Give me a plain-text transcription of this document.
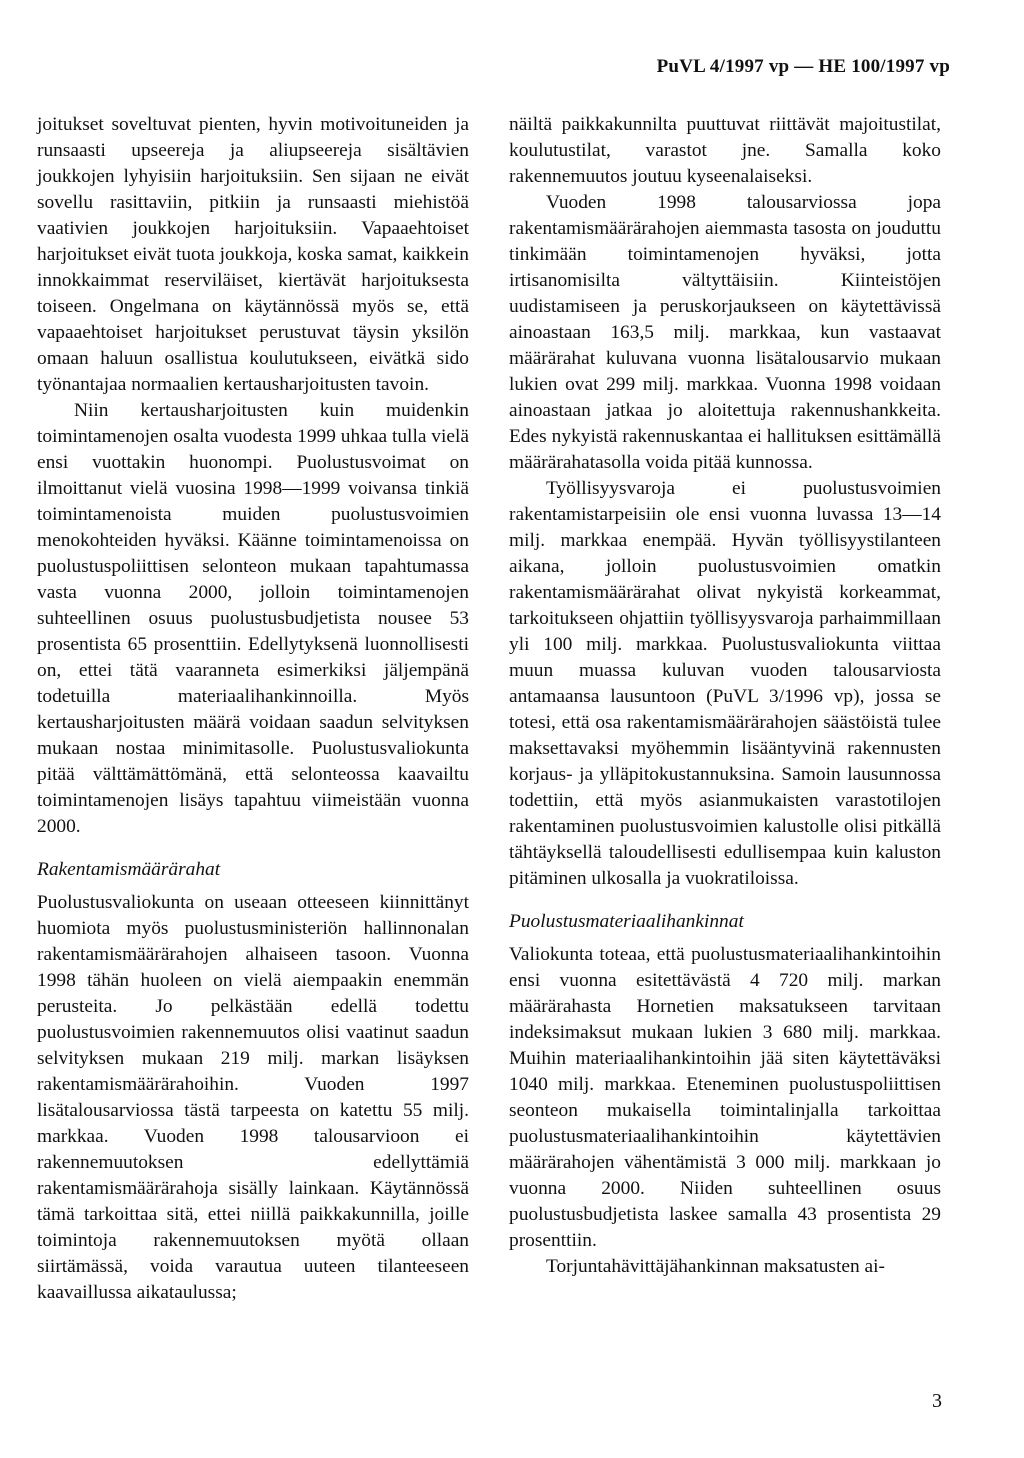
PuVL 4/1997 vp — HE 100/1997 vp

joitukset soveltuvat pienten, hyvin motivoituneiden ja runsaasti upseereja ja aliupseereja sisältävien joukkojen lyhyisiin harjoituksiin. Sen sijaan ne eivät sovellu rasittaviin, pitkiin ja runsaasti miehistöä vaativien joukkojen harjoituksiin. Vapaaehtoiset harjoitukset eivät tuota joukkoja, koska samat, kaikkein innokkaimmat reserviläiset, kiertävät harjoituksesta toiseen. Ongelmana on käytännössä myös se, että vapaaehtoiset harjoitukset perustuvat täysin yksilön omaan haluun osallistua koulutukseen, eivätkä sido työnantajaa normaalien kertausharjoitusten tavoin.

Niin kertausharjoitusten kuin muidenkin toimintamenojen osalta vuodesta 1999 uhkaa tulla vielä ensi vuottakin huonompi. Puolustusvoimat on ilmoittanut vielä vuosina 1998—1999 voivansa tinkiä toimintamenoista muiden puolustusvoimien menokohteiden hyväksi. Käänne toimintamenoissa on puolustuspoliittisen selonteon mukaan tapahtumassa vasta vuonna 2000, jolloin toimintamenojen suhteellinen osuus puolustusbudjetista nousee 53 prosentista 65 prosenttiin. Edellytyksenä luonnollisesti on, ettei tätä vaaranneta esimerkiksi jäljempänä todetuilla materiaalihankinnoilla. Myös kertausharjoitusten määrä voidaan saadun selvityksen mukaan nostaa minimitasolle. Puolustusvaliokunta pitää välttämättömänä, että selonteossa kaavailtu toimintamenojen lisäys tapahtuu viimeistään vuonna 2000.

Rakentamismäärärahat

Puolustusvaliokunta on useaan otteeseen kiinnittänyt huomiota myös puolustusministeriön hallinnonalan rakentamismäärärahojen alhaiseen tasoon. Vuonna 1998 tähän huoleen on vielä aiempaakin enemmän perusteita. Jo pelkästään edellä todettu puolustusvoimien rakennemuutos olisi vaatinut saadun selvityksen mukaan 219 milj. markan lisäyksen rakentamismäärärahoihin. Vuoden 1997 lisätalousarviossa tästä tarpeesta on katettu 55 milj. markkaa. Vuoden 1998 talousarvioon ei rakennemuutoksen edellyttämiä rakentamismäärärahoja sisälly lainkaan. Käytännössä tämä tarkoittaa sitä, ettei niillä paikkakunnilla, joille toimintoja rakennemuutoksen myötä ollaan siirtämässä, voida varautua uuteen tilanteeseen kaavaillussa aikataulussa;

näiltä paikkakunnilta puuttuvat riittävät majoitustilat, koulutustilat, varastot jne. Samalla koko rakennemuutos joutuu kyseenalaiseksi.

Vuoden 1998 talousarviossa jopa rakentamismäärärahojen aiemmasta tasosta on jouduttu tinkimään toimintamenojen hyväksi, jotta irtisanomisilta vältyttäisiin. Kiinteistöjen uudistamiseen ja peruskorjaukseen on käytettävissä ainoastaan 163,5 milj. markkaa, kun vastaavat määrärahat kuluvana vuonna lisätalousarvio mukaan lukien ovat 299 milj. markkaa. Vuonna 1998 voidaan ainoastaan jatkaa jo aloitettuja rakennushankkeita. Edes nykyistä rakennuskantaa ei hallituksen esittämällä määrärahatasolla voida pitää kunnossa.

Työllisyysvaroja ei puolustusvoimien rakentamistarpeisiin ole ensi vuonna luvassa 13—14 milj. markkaa enempää. Hyvän työllisyystilanteen aikana, jolloin puolustusvoimien omatkin rakentamismäärärahat olivat nykyistä korkeammat, tarkoitukseen ohjattiin työllisyysvaroja parhaimmillaan yli 100 milj. markkaa. Puolustusvaliokunta viittaa muun muassa kuluvan vuoden talousarviosta antamaansa lausuntoon (PuVL 3/1996 vp), jossa se totesi, että osa rakentamismäärärahojen säästöistä tulee maksettavaksi myöhemmin lisääntyvinä rakennusten korjaus- ja ylläpitokustannuksina. Samoin lausunnossa todettiin, että myös asianmukaisten varastotilojen rakentaminen puolustusvoimien kalustolle olisi pitkällä tähtäyksellä taloudellisesti edullisempaa kuin kaluston pitäminen ulkosalla ja vuokratiloissa.

Puolustusmateriaalihankinnat

Valiokunta toteaa, että puolustusmateriaalihankintoihin ensi vuonna esitettävästä 4 720 milj. markan määrärahasta Hornetien maksatukseen tarvitaan indeksimaksut mukaan lukien 3 680 milj. markkaa. Muihin materiaalihankintoihin jää siten käytettäväksi 1040 milj. markkaa. Eteneminen puolustuspoliittisen seonteon mukaisella toimintalinjalla tarkoittaa puolustusmateriaalihankintoihin käytettävien määrärahojen vähentämistä 3 000 milj. markkaan jo vuonna 2000. Niiden suhteellinen osuus puolustusbudjetista laskee samalla 43 prosentista 29 prosenttiin.

Torjuntahävittäjähankinnan maksatusten ai-

3
